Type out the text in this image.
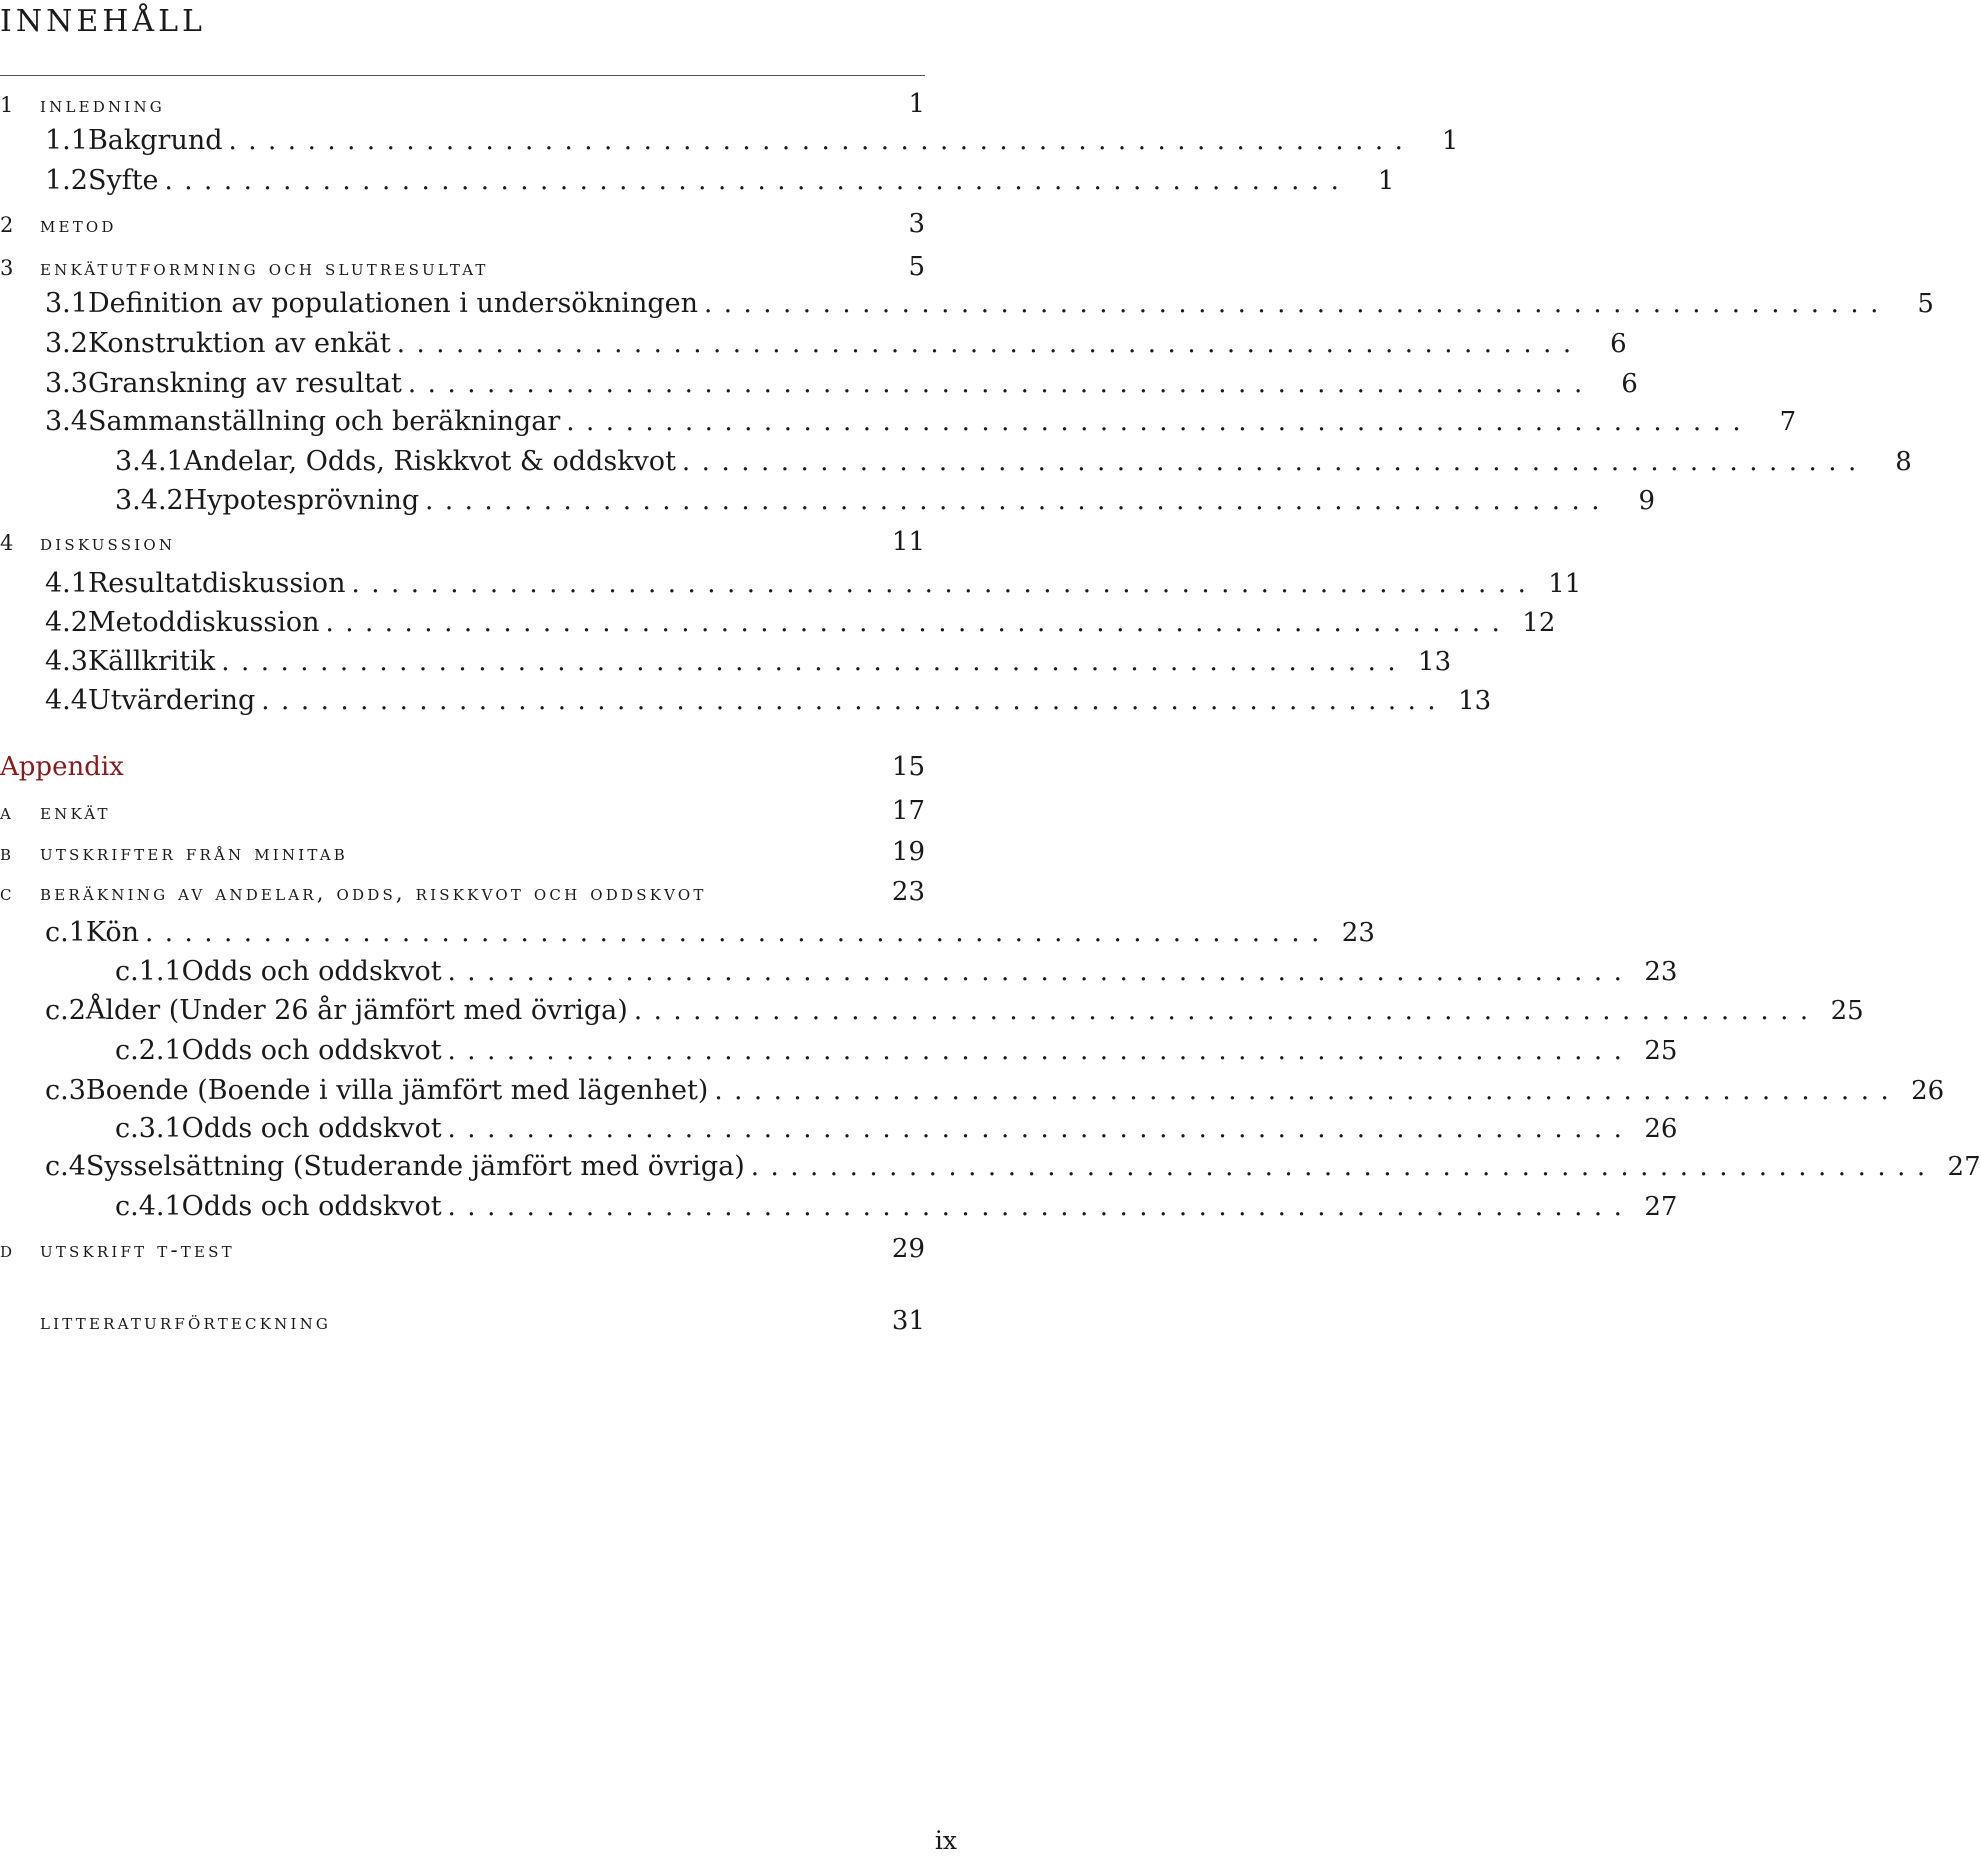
INNEHÅLL
1	inledning	1
1.1 Bakgrund ............................................................	1
1.2 Syfte ............................................................	1
2	metod	3
3	enkätutformning och slutresultat	5
3.1 Definition av populationen i undersökningen ............................................................	5
3.2 Konstruktion av enkät ............................................................	6
3.3 Granskning av resultat ............................................................	6
3.4 Sammanställning och beräkningar ............................................................	7
3.4.1 Andelar, Odds, Riskkvot & oddskvot ............................................................	8
3.4.2 Hypotesprövning ............................................................	9
4	diskussion	11
4.1 Resultatdiskussion ............................................................ 11
4.2 Metoddiskussion ............................................................ 12
4.3 Källkritik ............................................................ 13
4.4 Utvärdering ............................................................ 13
Appendix	15
a	enkät	17
b	utskrifter från minitab	19
c	beräkning av andelar, odds, riskkvot och oddskvot	23
c.1 Kön ............................................................ 23
c.1.1 Odds och oddskvot ............................................................ 23
c.2 Ålder (Under 26 år jämfört med övriga) ............................................................ 25
c.2.1 Odds och oddskvot ............................................................ 25
c.3 Boende (Boende i villa jämfört med lägenhet) ............................................................ 26
c.3.1 Odds och oddskvot ............................................................ 26
c.4 Sysselsättning (Studerande jämfört med övriga) ............................................................ 27
c.4.1 Odds och oddskvot ............................................................ 27
d	utskrift t-test	29
litteraturförteckning	31
ix
